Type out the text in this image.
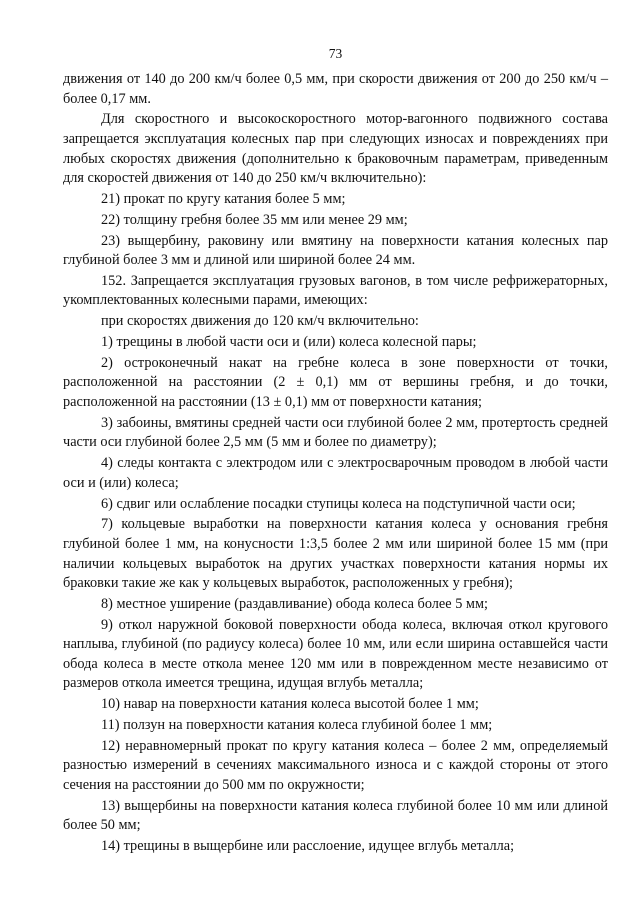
73

движения от 140 до 200 км/ч более 0,5 мм, при скорости движения от 200 до 250 км/ч – более 0,17 мм.

Для скоростного и высокоскоростного мотор-вагонного подвижного состава запрещается эксплуатация колесных пар при следующих износах и повреждениях при любых скоростях движения (дополнительно к браковочным параметрам, приведенным для скоростей движения от 140 до 250 км/ч включительно):

21) прокат по кругу катания более 5 мм;

22) толщину гребня более 35 мм или менее 29 мм;

23) выщербину, раковину или вмятину на поверхности катания колесных пар глубиной более 3 мм и длиной или шириной более 24 мм.

152. Запрещается эксплуатация грузовых вагонов, в том числе рефрижераторных, укомплектованных колесными парами, имеющих:

при скоростях движения до 120 км/ч включительно:

1) трещины в любой части оси и (или) колеса колесной пары;

2) остроконечный накат на гребне колеса в зоне поверхности от точки, расположенной на расстоянии (2 ± 0,1) мм от вершины гребня, и до точки, расположенной на расстоянии (13 ± 0,1) мм от поверхности катания;

3) забоины, вмятины средней части оси глубиной более 2 мм, протертость средней части оси глубиной более 2,5 мм (5 мм и более по диаметру);

4) следы контакта с электродом или с электросварочным проводом в любой части оси и (или) колеса;

6) сдвиг или ослабление посадки ступицы колеса на подступичной части оси;

7) кольцевые выработки на поверхности катания колеса у основания гребня глубиной более 1 мм, на конусности 1:3,5 более 2 мм или шириной более 15 мм (при наличии кольцевых выработок на других участках поверхности катания нормы их браковки такие же как у кольцевых выработок, расположенных у гребня);

8) местное уширение (раздавливание) обода колеса более 5 мм;

9) откол наружной боковой поверхности обода колеса, включая откол кругового наплыва, глубиной (по радиусу колеса) более 10 мм, или если ширина оставшейся части обода колеса в месте откола менее 120 мм или в поврежденном месте независимо от размеров откола имеется трещина, идущая вглубь металла;

10) навар на поверхности катания колеса высотой более 1 мм;

11) ползун на поверхности катания колеса глубиной более 1 мм;

12) неравномерный прокат по кругу катания колеса – более 2 мм, определяемый разностью измерений в сечениях максимального износа и с каждой стороны от этого сечения на расстоянии до 500 мм по окружности;

13) выщербины на поверхности катания колеса глубиной более 10 мм или длиной более 50 мм;

14) трещины в выщербине или расслоение, идущее вглубь металла;
